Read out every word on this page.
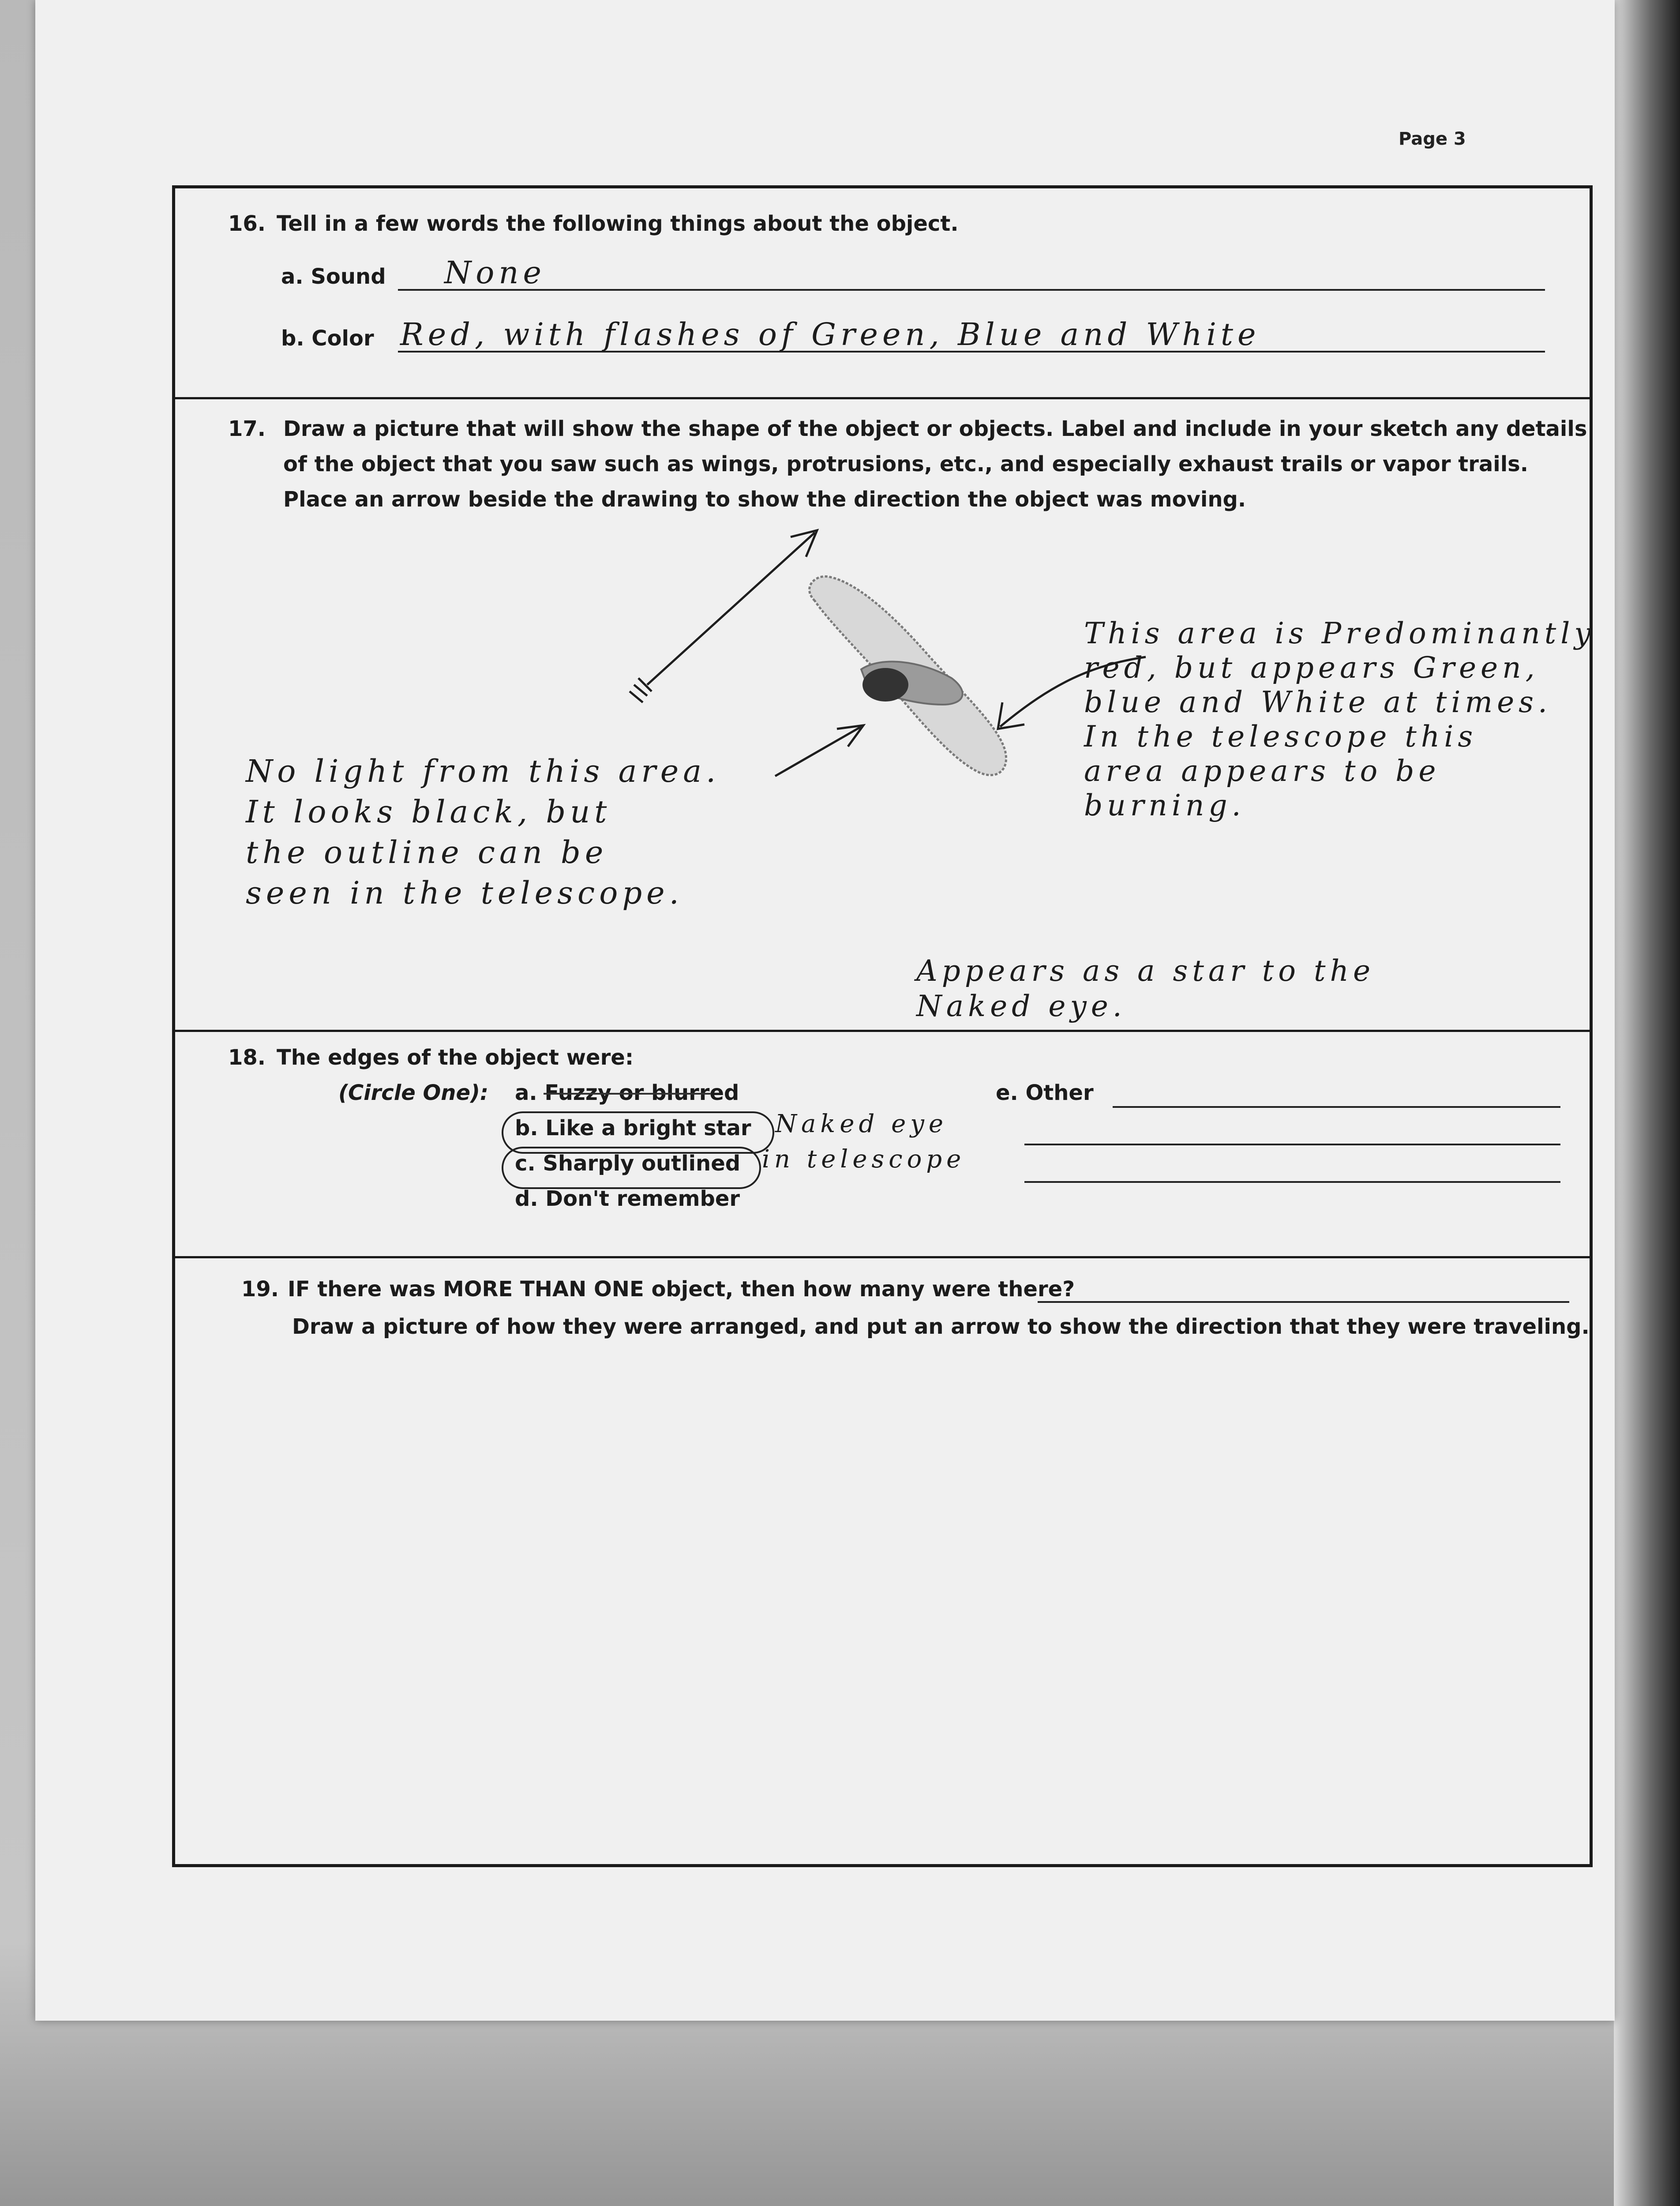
Page 3
16. Tell in a few words the following things about the object.
a. Sound None
b. Color Red, with flashes of Green, Blue and White
17. Draw a picture that will show the shape of the object or objects. Label and include in your sketch any details
of the object that you saw such as wings, protrusions, etc., and especially exhaust trails or vapor trails.
Place an arrow beside the drawing to show the direction the object was moving.
This area is Predominantly
red, but appears Green,
blue and White at times.
In the telescope this
area appears to be
burning.
No light from this area.
It looks black, but
the outline can be
seen in the telescope.
Appears as a star to the
Naked eye.
18. The edges of the object were:
(Circle One): a. Fuzzy or blurred
b. Like a bright star Naked eye
c. Sharply outlined in telescope
d. Don't remember
e. Other
19. IF there was MORE THAN ONE object, then how many were there?
Draw a picture of how they were arranged, and put an arrow to show the direction that they were traveling.
